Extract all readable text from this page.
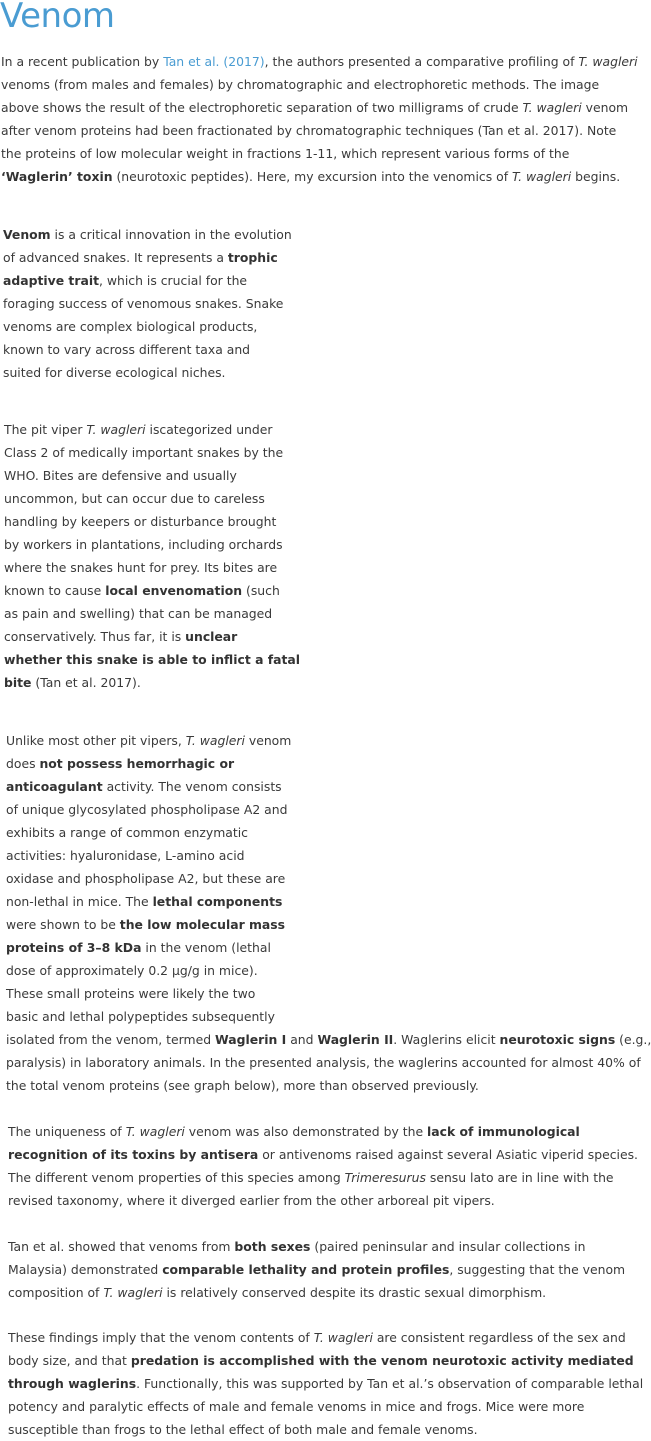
Venom

In a recent publication by Tan et al. (2017), the authors presented a comparative profiling of T. wagleri
venoms (from males and females) by chromatographic and electrophoretic methods. The image
above shows the result of the electrophoretic separation of two milligrams of crude T. wagleri venom
after venom proteins had been fractionated by chromatographic techniques (Tan et al. 2017). Note
the proteins of low molecular weight in fractions 1-11, which represent various forms of the
‘Waglerin’ toxin (neurotoxic peptides). Here, my excursion into the venomics of T. wagleri begins.

Venom is a critical innovation in the evolution
of advanced snakes. It represents a trophic
adaptive trait, which is crucial for the
foraging success of venomous snakes. Snake
venoms are complex biological products,
known to vary across different taxa and
suited for diverse ecological niches.

The pit viper T. wagleri iscategorized under
Class 2 of medically important snakes by the
WHO. Bites are defensive and usually
uncommon, but can occur due to careless
handling by keepers or disturbance brought
by workers in plantations, including orchards
where the snakes hunt for prey. Its bites are
known to cause local envenomation (such
as pain and swelling) that can be managed
conservatively. Thus far, it is unclear
whether this snake is able to inflict a fatal
bite (Tan et al. 2017).

Unlike most other pit vipers, T. wagleri venom
does not possess hemorrhagic or
anticoagulant activity. The venom consists
of unique glycosylated phospholipase A2 and
exhibits a range of common enzymatic
activities: hyaluronidase, L-amino acid
oxidase and phospholipase A2, but these are
non-lethal in mice. The lethal components
were shown to be the low molecular mass
proteins of 3–8 kDa in the venom (lethal
dose of approximately 0.2 µg/g in mice).
These small proteins were likely the two
basic and lethal polypeptides subsequently
isolated from the venom, termed Waglerin I and Waglerin II. Waglerins elicit neurotoxic signs (e.g.,
paralysis) in laboratory animals. In the presented analysis, the waglerins accounted for almost 40% of
the total venom proteins (see graph below), more than observed previously.

The uniqueness of T. wagleri venom was also demonstrated by the lack of immunological
recognition of its toxins by antisera or antivenoms raised against several Asiatic viperid species.
The different venom properties of this species among Trimeresurus sensu lato are in line with the
revised taxonomy, where it diverged earlier from the other arboreal pit vipers.

Tan et al. showed that venoms from both sexes (paired peninsular and insular collections in
Malaysia) demonstrated comparable lethality and protein profiles, suggesting that the venom
composition of T. wagleri is relatively conserved despite its drastic sexual dimorphism.

These findings imply that the venom contents of T. wagleri are consistent regardless of the sex and
body size, and that predation is accomplished with the venom neurotoxic activity mediated
through waglerins. Functionally, this was supported by Tan et al.’s observation of comparable lethal
potency and paralytic effects of male and female venoms in mice and frogs. Mice were more
susceptible than frogs to the lethal effect of both male and female venoms.
